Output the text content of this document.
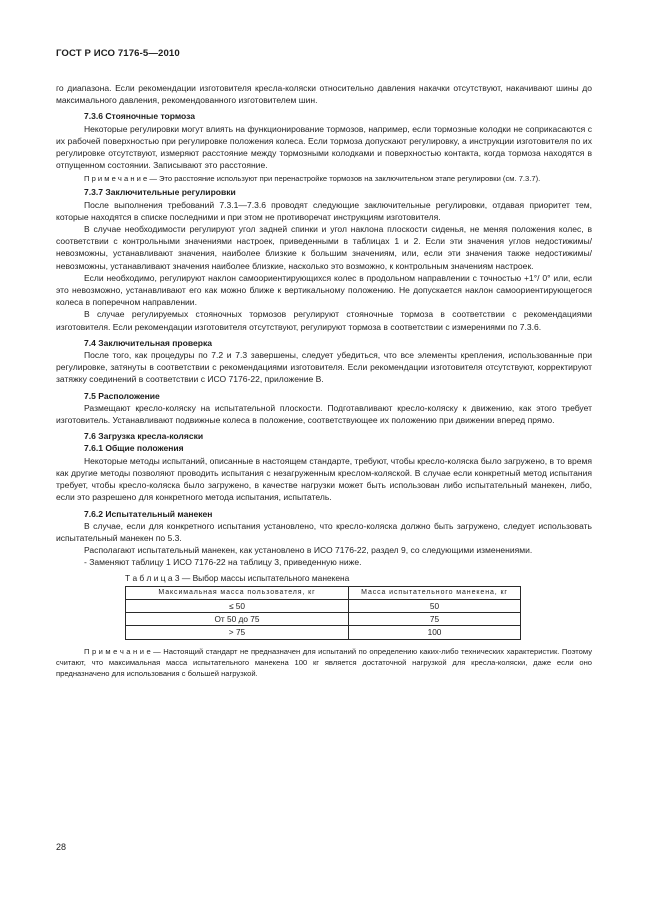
ГОСТ Р ИСО 7176-5—2010

го диапазона. Если рекомендации изготовителя кресла-коляски относительно давления накачки отсутствуют, накачивают шины до максимального давления, рекомендованного изготовителем шин.

7.3.6 Стояночные тормоза

Некоторые регулировки могут влиять на функционирование тормозов, например, если тормозные колодки не соприкасаются с их рабочей поверхностью при регулировке положения колеса. Если тормоза допускают регулировку, а инструкции изготовителя по их регулировке отсутствуют, измеряют расстояние между тормозными колодками и поверхностью контакта, когда тормоза находятся в отпущенном состоянии. Записывают это расстояние.

П р и м е ч а н и е — Это расстояние используют при перенастройке тормозов на заключительном этапе регулировки (см. 7.3.7).

7.3.7 Заключительные регулировки

После выполнения требований 7.3.1—7.3.6 проводят следующие заключительные регулировки, отдавая приоритет тем, которые находятся в списке последними и при этом не противоречат инструкциям изготовителя.

В случае необходимости регулируют угол задней спинки и угол наклона плоскости сиденья, не меняя положения колес, в соответствии с контрольными значениями настроек, приведенными в таблицах 1 и 2. Если эти значения углов недостижимы/невозможны, устанавливают значения, наиболее близкие к большим значениям, или, если эти значения также недостижимы/невозможны, устанавливают значения наиболее близкие, насколько это возможно, к контрольным значениям настроек.

Если необходимо, регулируют наклон самоориентирующихся колес в продольном направлении с точностью +1°/ 0° или, если это невозможно, устанавливают его как можно ближе к вертикальному положению. Не допускается наклон самоориентирующегося колеса в поперечном направлении.

В случае регулируемых стояночных тормозов регулируют стояночные тормоза в соответствии с рекомендациями изготовителя. Если рекомендации изготовителя отсутствуют, регулируют тормоза в соответствии с измерениями по 7.3.6.

7.4 Заключительная проверка

После того, как процедуры по 7.2 и 7.3 завершены, следует убедиться, что все элементы крепления, использованные при регулировке, затянуты в соответствии с рекомендациями изготовителя. Если рекомендации изготовителя отсутствуют, корректируют затяжку соединений в соответствии с ИСО 7176-22, приложение В.

7.5 Расположение

Размещают кресло-коляску на испытательной плоскости. Подготавливают кресло-коляску к движению, как этого требует изготовитель. Устанавливают подвижные колеса в положение, соответствующее их положению при движении вперед прямо.

7.6 Загрузка кресла-коляски

7.6.1 Общие положения

Некоторые методы испытаний, описанные в настоящем стандарте, требуют, чтобы кресло-коляска было загружено, в то время как другие методы позволяют проводить испытания с незагруженным креслом-коляской. В случае если конкретный метод испытания требует, чтобы кресло-коляска было загружено, в качестве нагрузки может быть использован либо испытательный манекен, либо, если это разрешено для конкретного метода испытания, испытатель.

7.6.2 Испытательный манекен

В случае, если для конкретного испытания установлено, что кресло-коляска должно быть загружено, следует использовать испытательный манекен по 5.3.

Располагают испытательный манекен, как установлено в ИСО 7176-22, раздел 9, со следующими изменениями.

- Заменяют таблицу 1 ИСО 7176-22 на таблицу 3, приведенную ниже.

Т а б л и ц а 3 — Выбор массы испытательного манекена

Максимальная масса пользователя, кг	Масса испытательного манекена, кг
≤ 50	50
От 50 до 75	75
> 75	100

П р и м е ч а н и е — Настоящий стандарт не предназначен для испытаний по определению каких-либо технических характеристик. Поэтому считают, что максимальная масса испытательного манекена 100 кг является достаточной нагрузкой для кресла-коляски, даже если оно предназначено для использования с большей нагрузкой.

28
